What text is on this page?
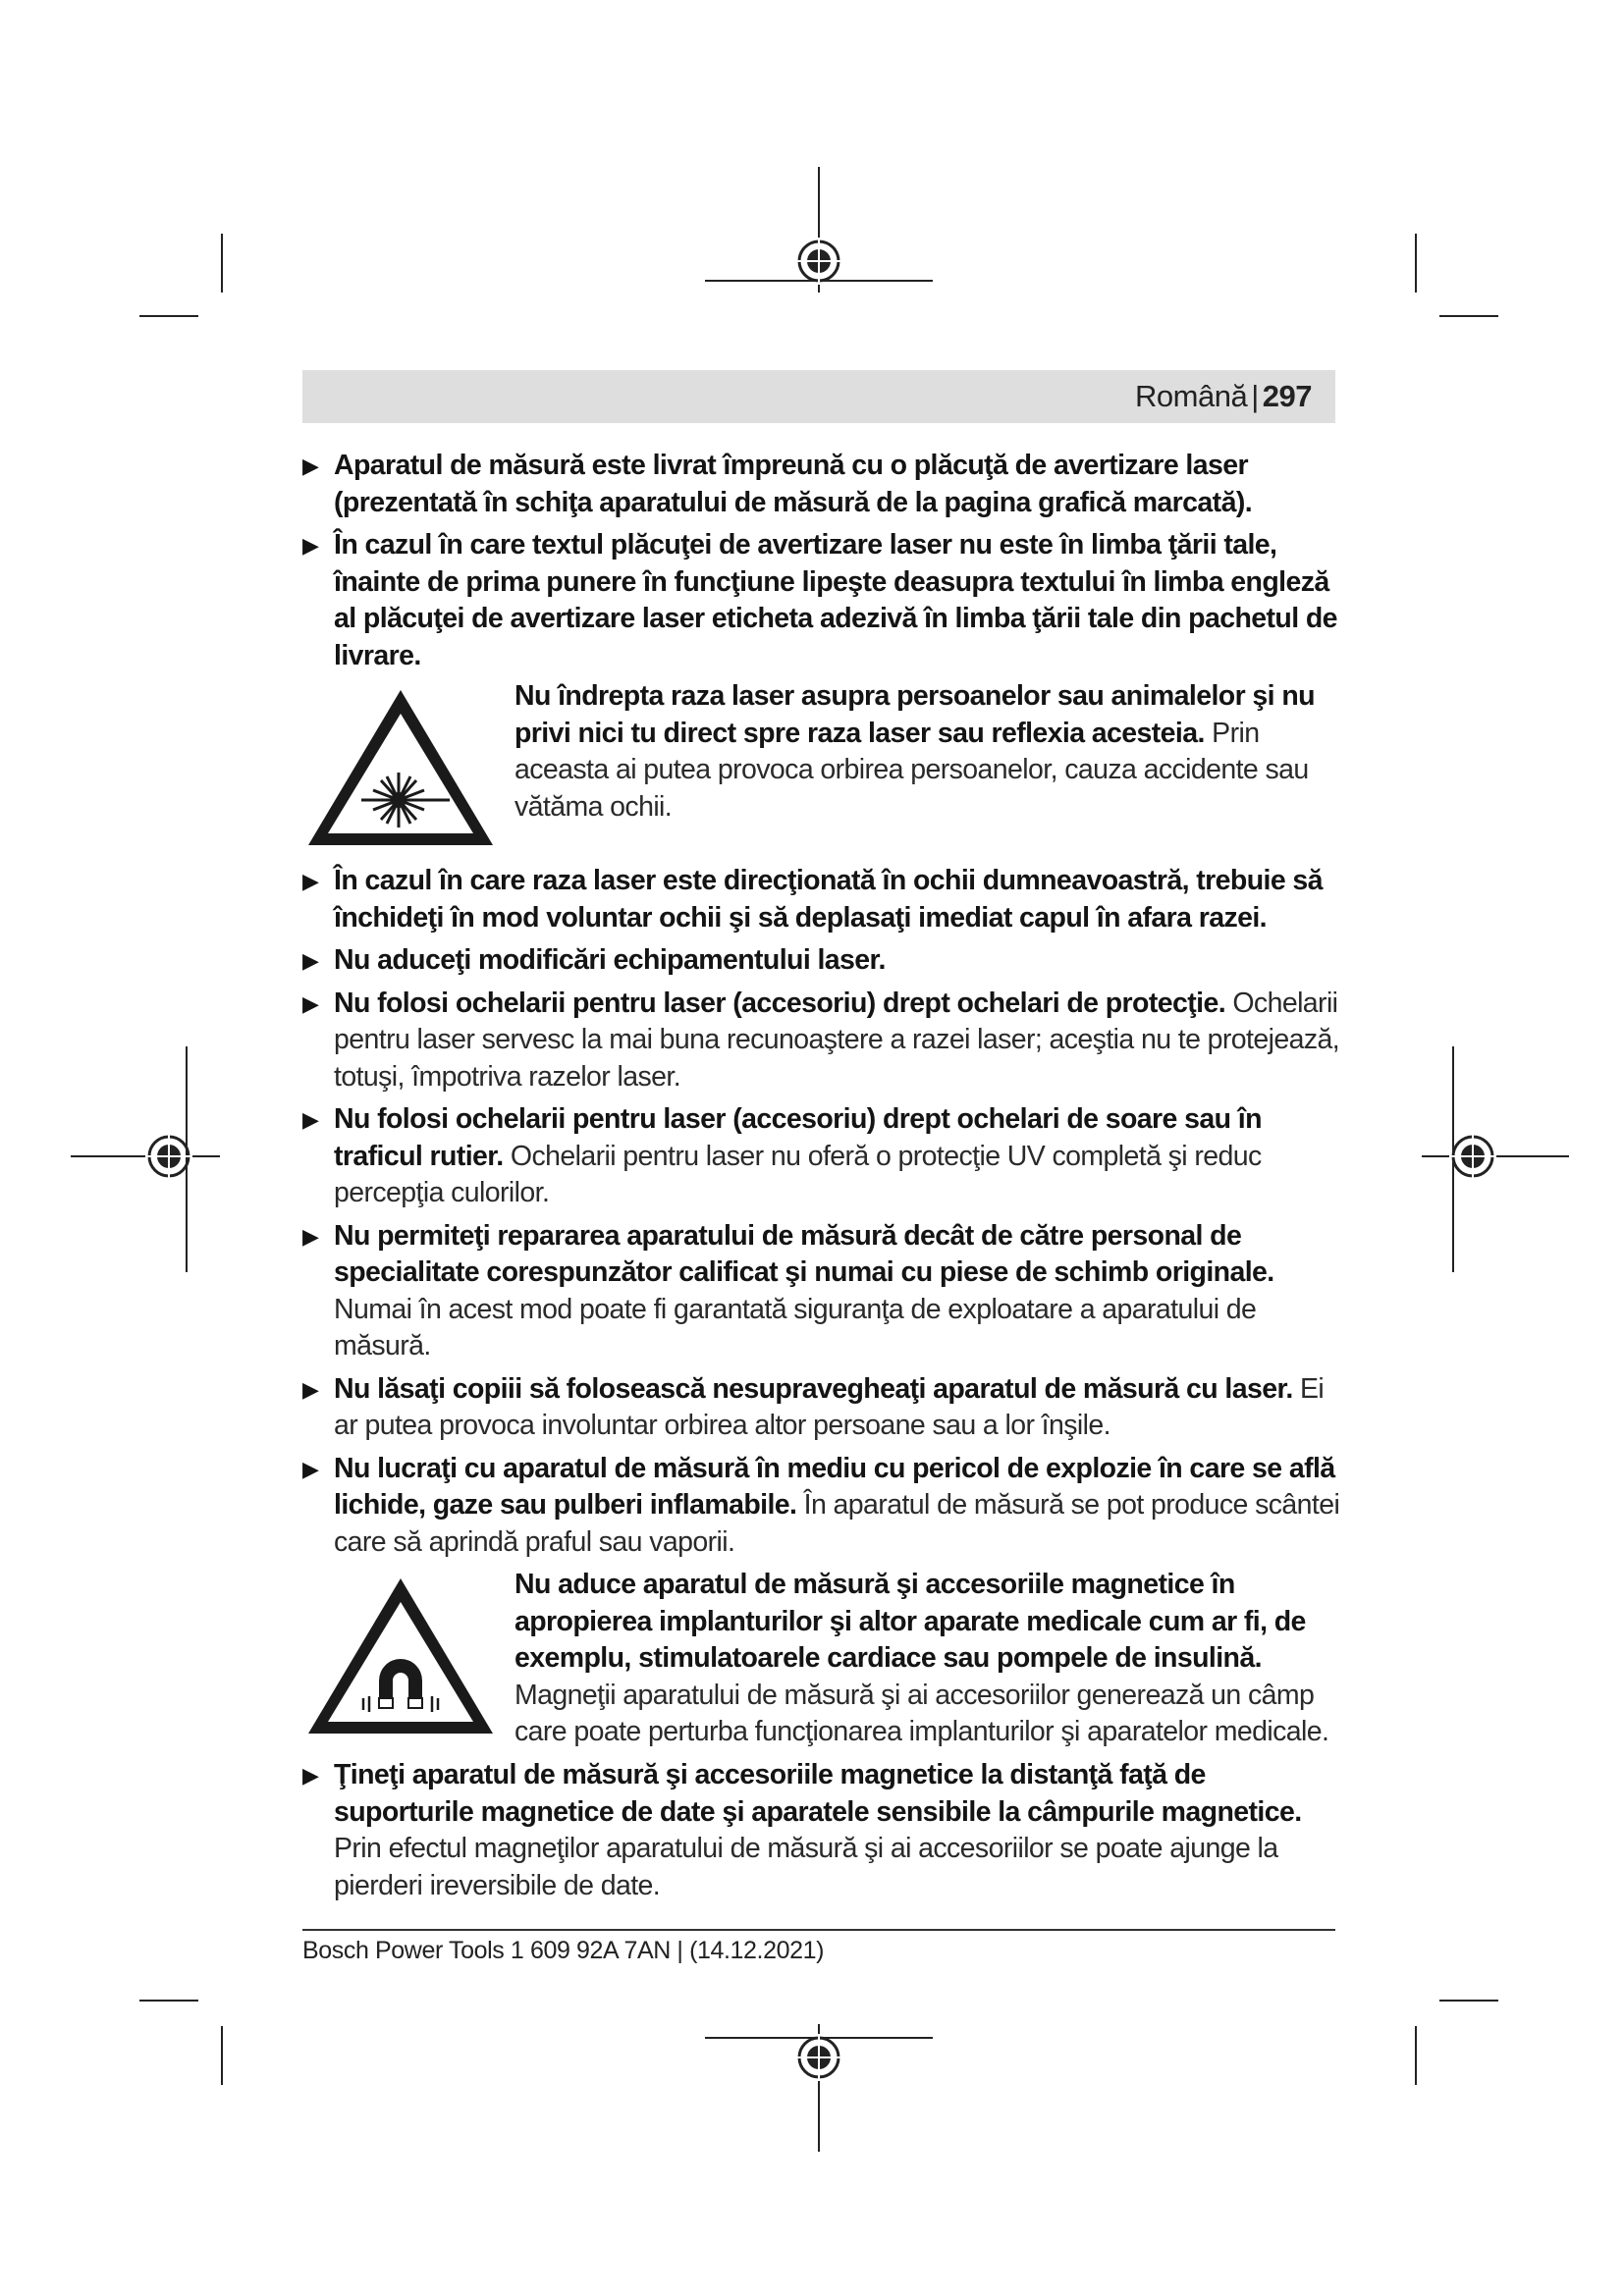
Română | 297
▶ Aparatul de măsură este livrat împreună cu o plăcuţă de avertizare laser (prezentată în schiţa aparatului de măsură de la pagina grafică marcată).
▶ În cazul în care textul plăcuţei de avertizare laser nu este în limba ţării tale, înainte de prima punere în funcţiune lipeşte deasupra textului în limba engleză al plăcuţei de avertizare laser eticheta adezivă în limba ţării tale din pachetul de livrare.
Nu îndrepta raza laser asupra persoanelor sau animalelor şi nu privi nici tu direct spre raza laser sau reflexia acesteia. Prin aceasta ai putea provoca orbirea persoanelor, cauza accidente sau vătăma ochii.
▶ În cazul în care raza laser este direcţionată în ochii dumneavoastră, trebuie să închideţi în mod voluntar ochii şi să deplasaţi imediat capul în afara razei.
▶ Nu aduceţi modificări echipamentului laser.
▶ Nu folosi ochelarii pentru laser (accesoriu) drept ochelari de protecţie. Ochelarii pentru laser servesc la mai buna recunoaştere a razei laser; aceştia nu te protejează, totuşi, împotriva razelor laser.
▶ Nu folosi ochelarii pentru laser (accesoriu) drept ochelari de soare sau în traficul rutier. Ochelarii pentru laser nu oferă o protecţie UV completă şi reduc percepţia culorilor.
▶ Nu permiteţi repararea aparatului de măsură decât de către personal de specialitate corespunzător calificat şi numai cu piese de schimb originale. Numai în acest mod poate fi garantată siguranţa de exploatare a aparatului de măsură.
▶ Nu lăsaţi copiii să folosească nesupravegheaţi aparatul de măsură cu laser. Ei ar putea provoca involuntar orbirea altor persoane sau a lor înşile.
▶ Nu lucraţi cu aparatul de măsură în mediu cu pericol de explozie în care se află lichide, gaze sau pulberi inflamabile. În aparatul de măsură se pot produce scântei care să aprindă praful sau vaporii.
Nu aduce aparatul de măsură şi accesoriile magnetice în apropierea implanturilor şi altor aparate medicale cum ar fi, de exemplu, stimulatoarele cardiace sau pompele de insulină. Magneţii aparatului de măsură şi ai accesoriilor generează un câmp care poate perturba funcţionarea implanturilor şi aparatelor medicale.
▶ Ţineţi aparatul de măsură şi accesoriile magnetice la distanţă faţă de suporturile magnetice de date şi aparatele sensibile la câmpurile magnetice. Prin efectul magneţilor aparatului de măsură şi ai accesoriilor se poate ajunge la pierderi ireversibile de date.
Bosch Power Tools 1 609 92A 7AN | (14.12.2021)
